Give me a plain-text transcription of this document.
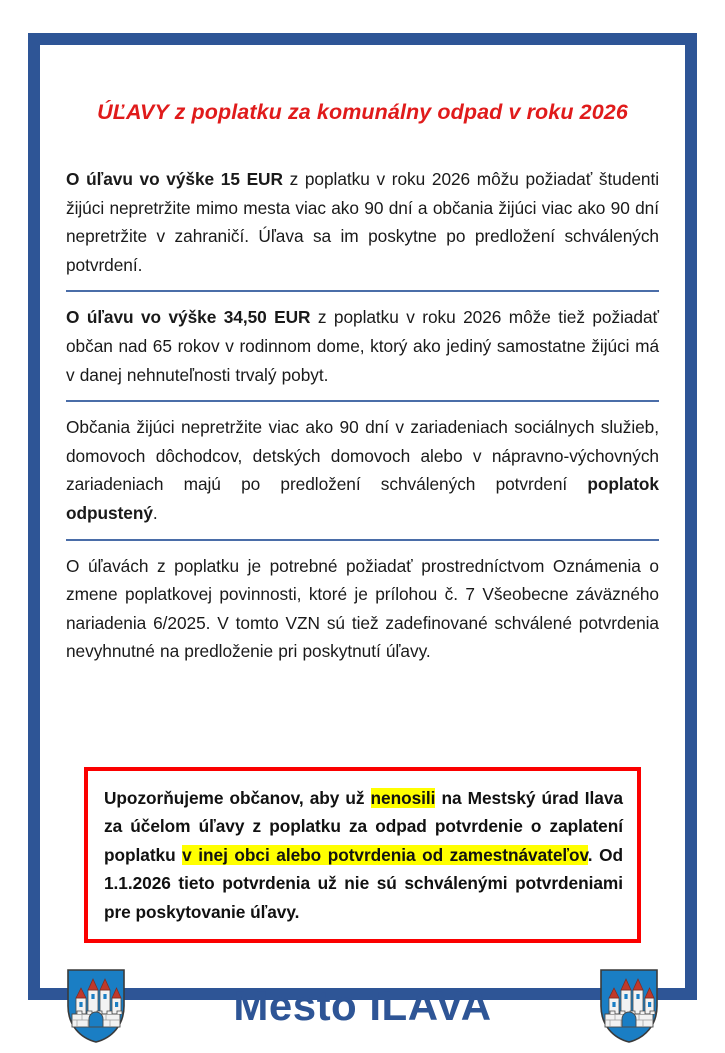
ÚĽAVY z poplatku za komunálny odpad v roku 2026

O úľavu vo výške 15 EUR z poplatku v roku 2026 môžu požiadať študenti žijúci nepretržite mimo mesta viac ako 90 dní a občania žijúci viac ako 90 dní nepretržite v zahraničí. Úľava sa im poskytne po predložení schválených potvrdení.

O úľavu vo výške 34,50 EUR z poplatku v roku 2026 môže tiež požiadať občan nad 65 rokov v rodinnom dome, ktorý ako jediný samostatne žijúci má v danej nehnuteľnosti trvalý pobyt.

Občania žijúci nepretržite viac ako 90 dní v zariadeniach sociálnych služieb, domovoch dôchodcov, detských domovoch alebo v nápravno-výchovných zariadeniach majú po predložení schválených potvrdení poplatok odpustený.

O úľavách z poplatku je potrebné požiadať prostredníctvom Oznámenia o zmene poplatkovej povinnosti, ktoré je prílohou č. 7 Všeobecne záväzného nariadenia 6/2025. V tomto VZN sú tiež zadefinované schválené potvrdenia nevyhnutné na predloženie pri poskytnutí úľavy.

Upozorňujeme občanov, aby už nenosili na Mestský úrad Ilava za účelom úľavy z poplatku za odpad potvrdenie o zaplatení poplatku v inej obci alebo potvrdenia od zamestnávateľov. Od 1.1.2026 tieto potvrdenia už nie sú schválenými potvrdeniami pre poskytovanie úľavy.

Mesto ILAVA
